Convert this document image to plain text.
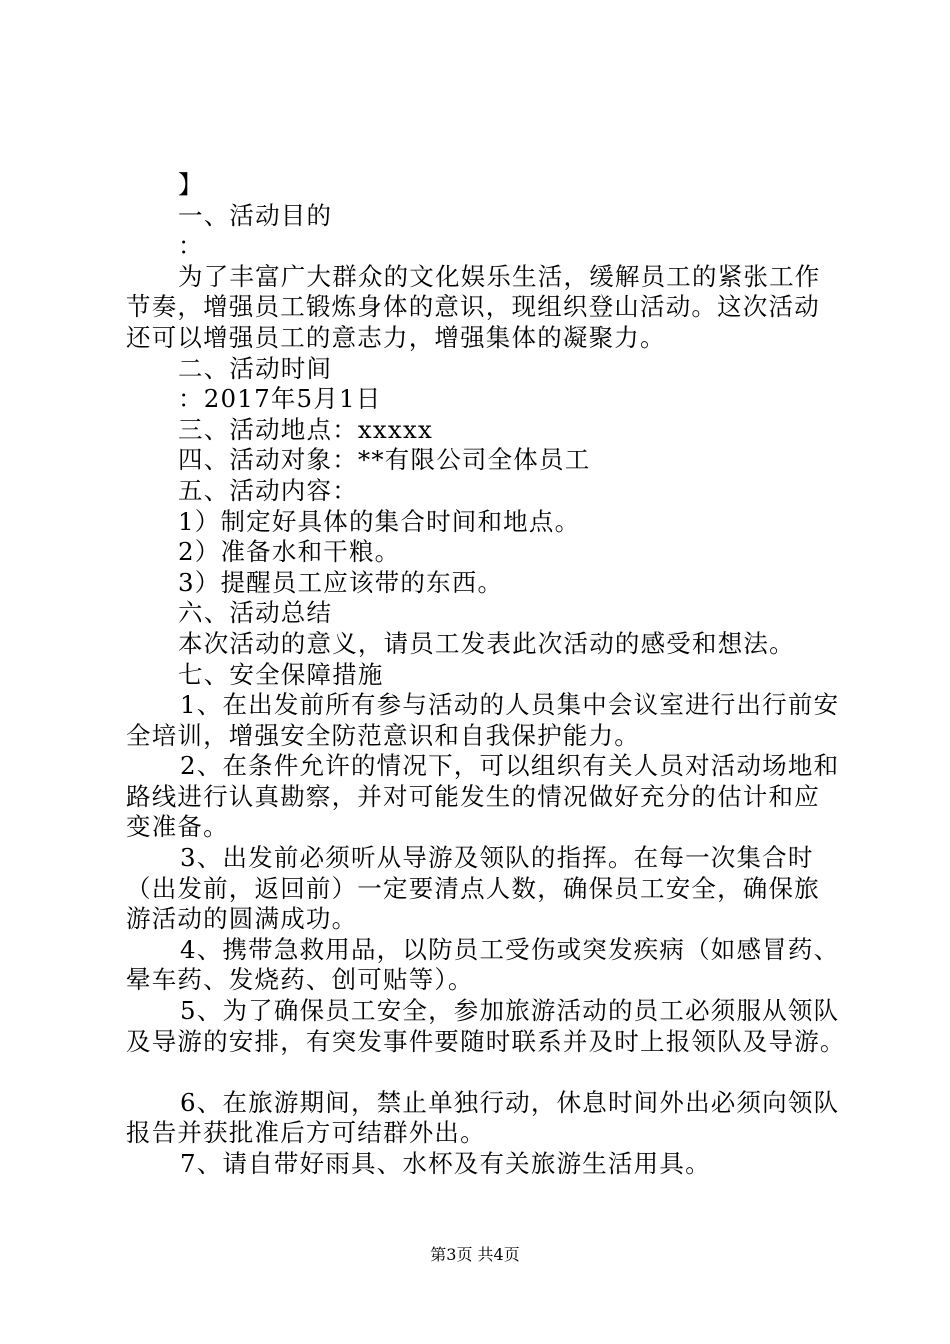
】
一、活动目的
：
为了丰富广大群众的文化娱乐生活，缓解员工的紧张工作
节奏，增强员工锻炼身体的意识，现组织登山活动。这次活动
还可以增强员工的意志力，增强集体的凝聚力。
二、活动时间
：2017年5月1日
三、活动地点：xxxxx
四、活动对象：**有限公司全体员工
五、活动内容：
1）制定好具体的集合时间和地点。
2）准备水和干粮。
3）提醒员工应该带的东西。
六、活动总结
本次活动的意义，请员工发表此次活动的感受和想法。
七、安全保障措施
1、在出发前所有参与活动的人员集中会议室进行出行前安
全培训，增强安全防范意识和自我保护能力。
2、在条件允许的情况下，可以组织有关人员对活动场地和
路线进行认真勘察，并对可能发生的情况做好充分的估计和应
变准备。
3、出发前必须听从导游及领队的指挥。在每一次集合时
（出发前，返回前）一定要清点人数，确保员工安全，确保旅
游活动的圆满成功。
4、携带急救用品，以防员工受伤或突发疾病（如感冒药、
晕车药、发烧药、创可贴等）。
5、为了确保员工安全，参加旅游活动的员工必须服从领队
及导游的安排，有突发事件要随时联系并及时上报领队及导游。
6、在旅游期间，禁止单独行动，休息时间外出必须向领队
报告并获批准后方可结群外出。
7、请自带好雨具、水杯及有关旅游生活用具。
第3页 共4页
